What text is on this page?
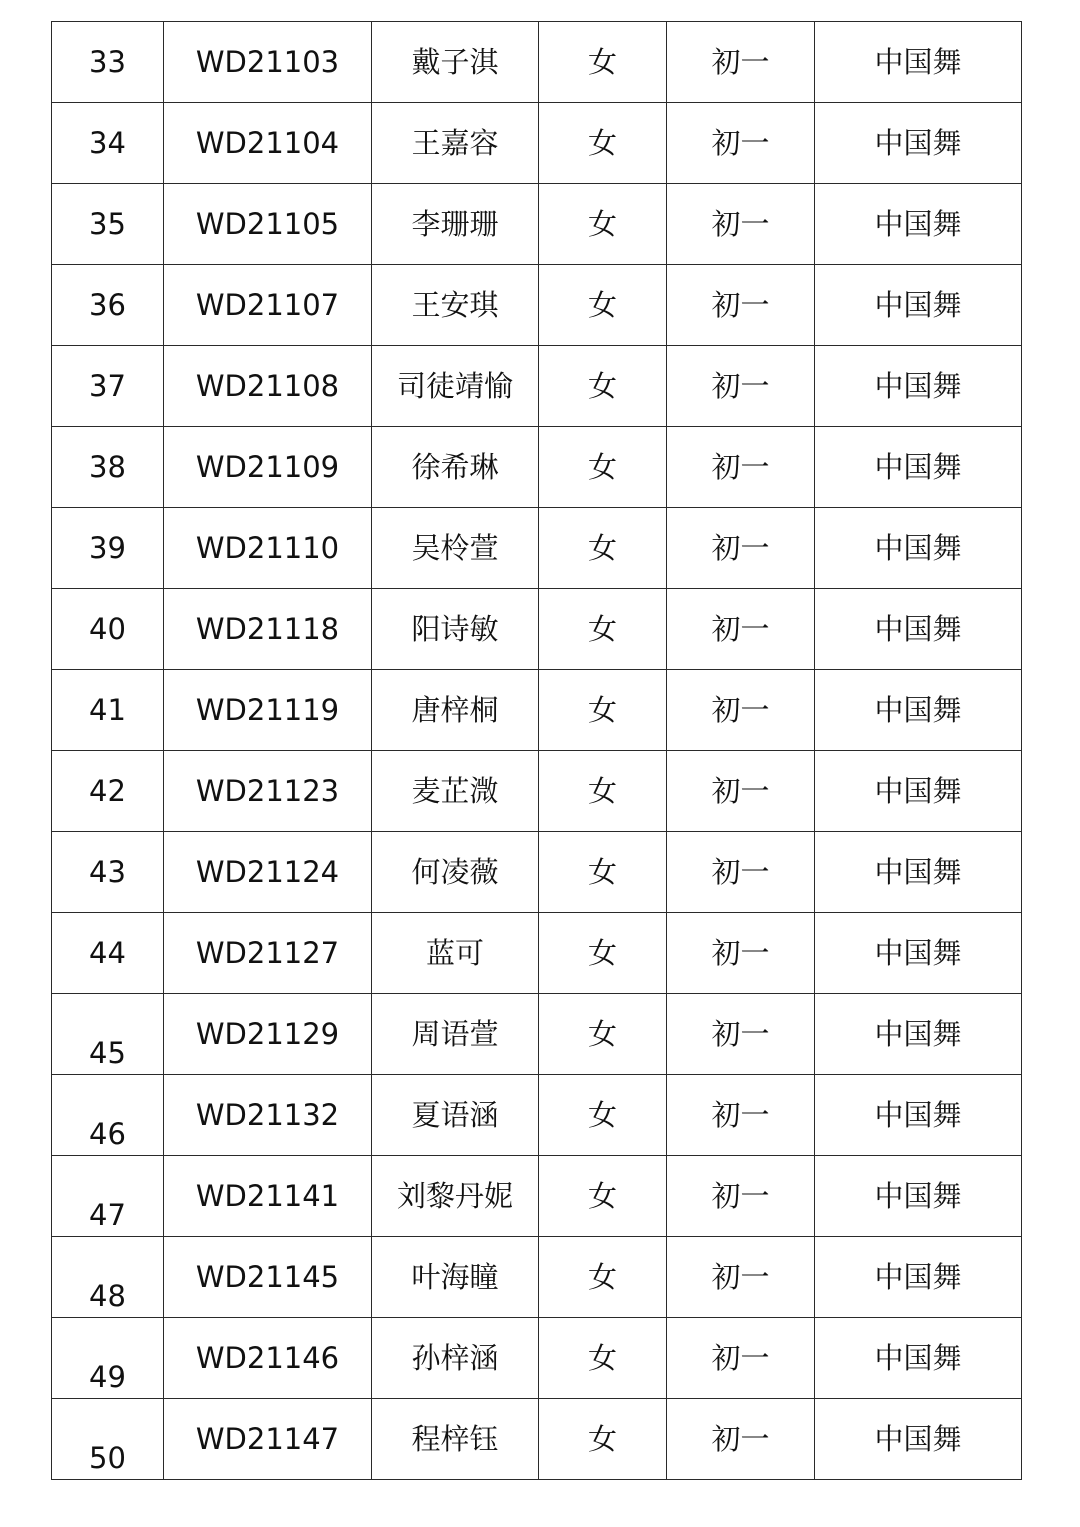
33	WD21103	戴子淇	女	初一	中国舞
34	WD21104	王嘉容	女	初一	中国舞
35	WD21105	李珊珊	女	初一	中国舞
36	WD21107	王安琪	女	初一	中国舞
37	WD21108	司徒靖愉	女	初一	中国舞
38	WD21109	徐希琳	女	初一	中国舞
39	WD21110	吴柃萱	女	初一	中国舞
40	WD21118	阳诗敏	女	初一	中国舞
41	WD21119	唐梓桐	女	初一	中国舞
42	WD21123	麦芷溦	女	初一	中国舞
43	WD21124	何凌薇	女	初一	中国舞
44	WD21127	蓝可	女	初一	中国舞
45	WD21129	周语萱	女	初一	中国舞
46	WD21132	夏语涵	女	初一	中国舞
47	WD21141	刘黎丹妮	女	初一	中国舞
48	WD21145	叶海瞳	女	初一	中国舞
49	WD21146	孙梓涵	女	初一	中国舞
50	WD21147	程梓钰	女	初一	中国舞
